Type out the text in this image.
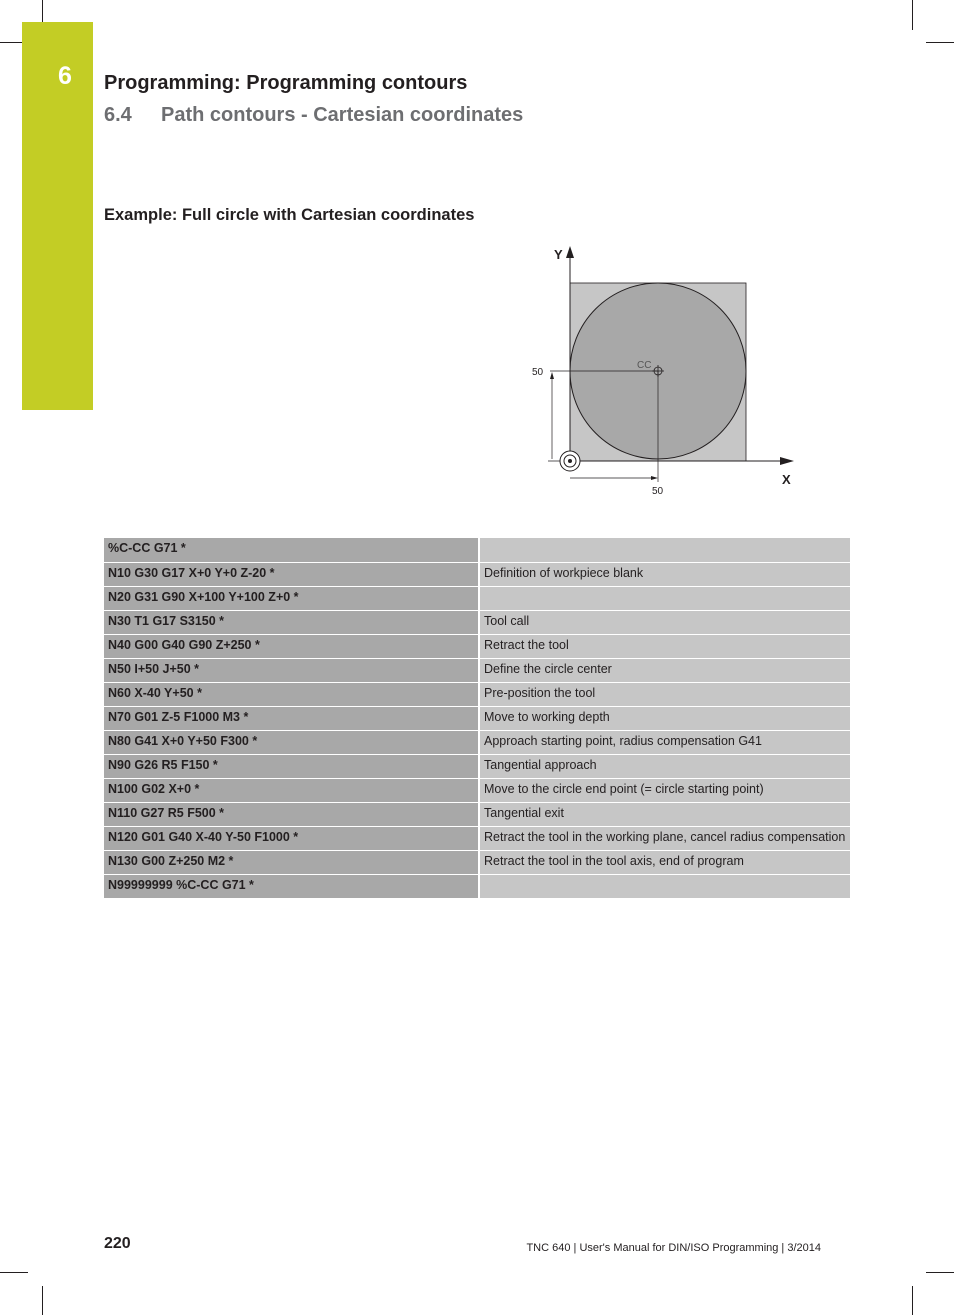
6 Programming: Programming contours
6.4 Path contours - Cartesian coordinates
Example: Full circle with Cartesian coordinates
Y
X
CC
50
50
%C-CC G71 *	
N10 G30 G17 X+0 Y+0 Z-20 *	Definition of workpiece blank
N20 G31 G90 X+100 Y+100 Z+0 *	
N30 T1 G17 S3150 *	Tool call
N40 G00 G40 G90 Z+250 *	Retract the tool
N50 I+50 J+50 *	Define the circle center
N60 X-40 Y+50 *	Pre-position the tool
N70 G01 Z-5 F1000 M3 *	Move to working depth
N80 G41 X+0 Y+50 F300 *	Approach starting point, radius compensation G41
N90 G26 R5 F150 *	Tangential approach
N100 G02 X+0 *	Move to the circle end point (= circle starting point)
N110 G27 R5 F500 *	Tangential exit
N120 G01 G40 X-40 Y-50 F1000 *	Retract the tool in the working plane, cancel radius compensation
N130 G00 Z+250 M2 *	Retract the tool in the tool axis, end of program
N99999999 %C-CC G71 *	
220	TNC 640 | User's Manual for DIN/ISO Programming | 3/2014
